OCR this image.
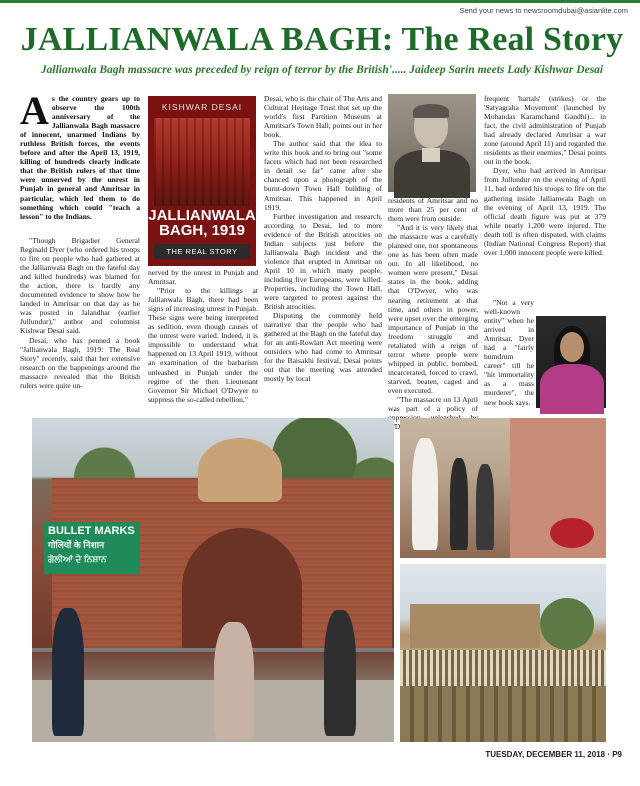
Send your news to newsroomdubai@asianlite.com
JALLIANWALA BAGH: The Real Story
Jallianwala Bagh massacre was preceded by reign of terror by the British'..... Jaideep Sarin meets Lady Kishwar Desai
As the country gears up to observe the 100th anniversary of the Jallianwala Bagh massacre of innocent, unarmed Indians by ruthless British forces, the events before and after the April 13, 1919, killing of hundreds clearly indicate that the British rulers of that time were unnerved by the unrest in Punjab in general and Amritsar in particular, which led them to do something which could "teach a lesson" to the Indians.

"Though Brigadier General Reginald Dyer (who ordered his troops to fire on people who had gathered at the Jallianwala Bagh on the fateful day and killed hundreds) was blamed for the action, there is hardly any documented evidence to show how he landed in Amritsar on that day as he was posted in Jalandhar (earlier Jullundur)," author and columnist Kishwar Desai said.

Desai, who has penned a book "Jallianwala Bagh, 1919: The Real Story" recently, said that her extensive research on the happenings around the massacre revealed that the British rulers were quite un-

KISHWAR DESAI
JALLIANWALA
BAGH, 1919
THE REAL STORY

nerved by the unrest in Punjab and Amritsar.

"Prior to the killings at Jallianwala Bagh, there had been signs of increasing unrest in Punjab. These signs were being interpreted as sedition, even though causes of the unrest were varied. Indeed, it is impossible to understand what happened on 13 April 1919, without an examination of the barbarism unleashed in Punjab under the regime of the then Lieutenant Governor Sir Michael O'Dwyer to suppress the so-called rebellion,"

Desai, who is the chair of The Arts and Cultural Heritage Trust that set up the world's first Partition Museum at Amritsar's Town Hall, points out in her book.

The author said that the idea to write this book and to bring out "some facets which had not been researched in detail so far" came after she chanced upon a photograph of the burnt-down Town Hall building of Amritsar. This happened in April 1919.

Further investigation and research, according to Desai, led to more evidence of the British atrocities on Indian subjects just before the Jallianwala Bagh incident and the violence that erupted in Amritsar on April 10 in which many people, including five Europeans, were killed. Properties, including the Town Hall, were targeted to protest against the British atrocities.

Disputing the commonly held narrative that the people who had gathered at the Bagh on the fateful day for an anti-Rowlatt Act meeting were outsiders who had come to Amritsar for the Baisakhi festival, Desai points out that the meeting was attended mostly by local

residents of Amritsar and no more than 25 per cent of them were from outside.

"And it is very likely that the massacre was a carefully planned one, not spontaneous one as has been often made out. In all likelihood, no women were present," Desai states in the book, adding that O'Dwyer, who was nearing retirement at that time, and others in power, were upset over the emerging importance of Punjab in the freedom struggle and retaliated with a reign of terror where people were whipped in public, bombed, incarcerated, forced to crawl, starved, beaten, caged and even executed.

"The massacre on 13 April was part of a policy of

frequent 'hartals' (strikes) or the 'Satyagraha Movement' (launched by Mohandas Karamchand Gandhi)... in fact, the civil administration of Punjab had already declared Amritsar a war zone (around April 11) and regarded the residents as their enemies," Desai points out in the book.

Dyer, who had arrived in Amritsar from Jullundur on the evening of April 11, had ordered his troops to fire on the gathering inside Jallianwala Bagh on the evening of April 13, 1919. The official death figure was put at 379 while nearly 1,200 were injured. The death toll is often disputed, with claims (Indian National Congress Report) that over 1,000 innocent people were killed.

"Not a very well-known entity" when he arrived in Amritsar, Dyer had a "fairly humdrum career" till he "hit immortality as a mass murderer", the new book says.

BULLET MARKS
गोलियों के निशान
ਗੋਲੀਆਂ ਦੇ ਨਿਸ਼ਾਨ
TUESDAY, DECEMBER 11, 2018 · P9
